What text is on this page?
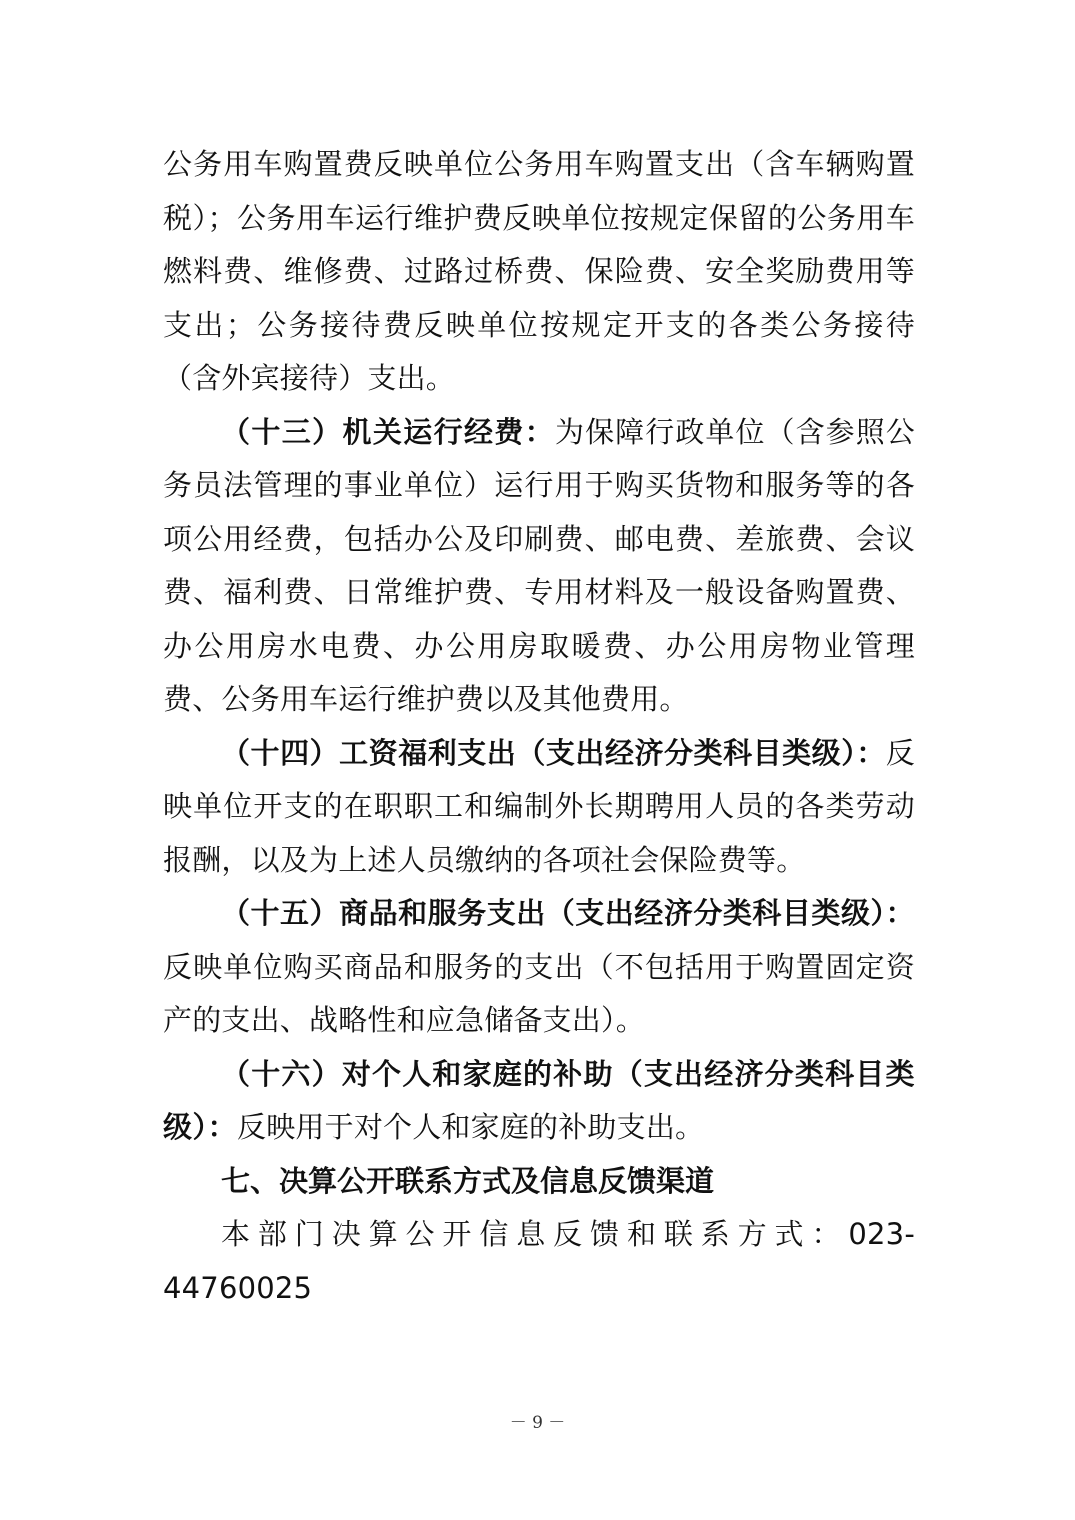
公务用车购置费反映单位公务用车购置支出（含车辆购置税）；公务用车运行维护费反映单位按规定保留的公务用车燃料费、维修费、过路过桥费、保险费、安全奖励费用等支出；公务接待费反映单位按规定开支的各类公务接待（含外宾接待）支出。

（十三）机关运行经费：为保障行政单位（含参照公务员法管理的事业单位）运行用于购买货物和服务等的各项公用经费，包括办公及印刷费、邮电费、差旅费、会议费、福利费、日常维护费、专用材料及一般设备购置费、办公用房水电费、办公用房取暖费、办公用房物业管理费、公务用车运行维护费以及其他费用。

（十四）工资福利支出（支出经济分类科目类级）：反映单位开支的在职职工和编制外长期聘用人员的各类劳动报酬，以及为上述人员缴纳的各项社会保险费等。

（十五）商品和服务支出（支出经济分类科目类级）：反映单位购买商品和服务的支出（不包括用于购置固定资产的支出、战略性和应急储备支出）。

（十六）对个人和家庭的补助（支出经济分类科目类级）：反映用于对个人和家庭的补助支出。

七、决算公开联系方式及信息反馈渠道

本部门决算公开信息反馈和联系方式：023-44760025

－ 9 －
